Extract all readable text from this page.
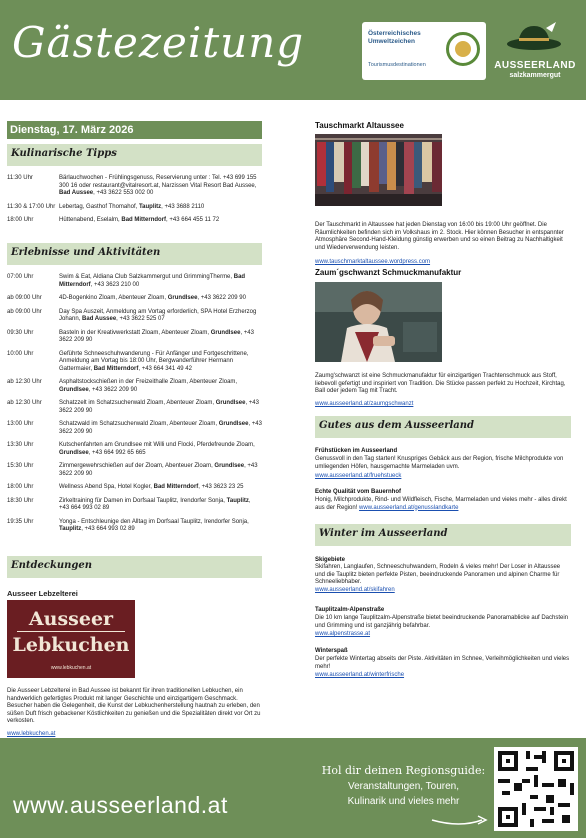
Gästezeitung	Österreichisches Umweltzeichen
Tourismusdestinationen	AUSSEERLAND
salzkammergut
Dienstag, 17. März 2026
Kulinarische Tipps
11:30 Uhr	Bärlauchwochen - Frühlingsgenuss, Reservierung unter : Tel. +43 699 155 300 16 oder restaurant@vitalresort.at, Narzissen Vital Resort Bad Aussee, Bad Aussee, +43 3622 553 002 00
11:30 & 17:00 Uhr Lebertag, Gasthof Thomahof, Tauplitz, +43 3688 2110
18:00 Uhr	Hüttenabend, Eselalm, Bad Mitterndorf, +43 664 455 11 72
Erlebnisse und Aktivitäten
07:00 Uhr	Swim & Eat, Aldiana Club Salzkammergut und GrimmingTherme, Bad Mitterndorf, +43 3623 210 00
ab 09:00 Uhr	4D-Bogenkino Zloam, Abenteuer Zloam, Grundlsee, +43 3622 209 90
ab 09:00 Uhr	Day Spa Auszeit, Anmeldung am Vortag erforderlich, SPA Hotel Erzherzog Johann, Bad Aussee, +43 3622 525 07
09:30 Uhr	Basteln in der Kreativwerkstatt Zloam, Abenteuer Zloam, Grundlsee, +43 3622 209 90
10:00 Uhr	Geführte Schneeschuhwanderung - Für Anfänger und Fortgeschrittene, Anmeldung am Vortag bis 18:00 Uhr, Bergwanderführer Hermann Gattermaier, Bad Mitterndorf, +43 664 341 49 42
ab 12:30 Uhr	Asphaltstockschießen in der Freizeithalle Zloam, Abenteuer Zloam, Grundlsee, +43 3622 209 90
ab 12:30 Uhr	Schatzzelt im Schatzsucherwald Zloam, Abenteuer Zloam, Grundlsee, +43 3622 209 90
13:00 Uhr	Schatzwald im Schatzsucherwald Zloam, Abenteuer Zloam, Grundlsee, +43 3622 209 90
13:30 Uhr	Kutschenfahrten am Grundlsee mit Willi und Flocki, Pferdefreunde Zloam, Grundlsee, +43 664 992 65 665
15:30 Uhr	Zimmergewehrschießen auf der Zloam, Abenteuer Zloam, Grundlsee, +43 3622 209 90
18:00 Uhr	Wellness Abend Spa, Hotel Kogler, Bad Mitterndorf, +43 3623 23 25
18:30 Uhr	Zirkeltraining für Damen im Dorfsaal Tauplitz, Irendorfer Sonja, Tauplitz, +43 664 993 02 89
19:35 Uhr	Yonga - Entschleunige den Alltag im Dorfsaal Tauplitz, Irendorfer Sonja, Tauplitz, +43 664 993 02 89
Entdeckungen
Ausseer Lebzelterei
Ausseer
Lebkuchen
www.lebkuchen.at
Die Ausseer Lebzelterei in Bad Aussee ist bekannt für ihren traditionellen Lebkuchen, ein handwerklich gefertigtes Produkt mit langer Geschichte und einzigartigem Geschmack. Besucher haben die Gelegenheit, die Kunst der Lebkuchenherstellung hautnah zu erleben, den süßen Duft frisch gebackener Köstlichkeiten zu genießen und die Spezialitäten direkt vor Ort zu verkosten.
www.lebkuchen.at
Tauschmarkt Altaussee
Der Tauschmarkt in Altaussee hat jeden Dienstag von 16:00 bis 19:00 Uhr geöffnet. Die Räumlichkeiten befinden sich im Volkshaus im 2. Stock. Hier können Besucher in entspannter Atmosphäre Second-Hand-Kleidung günstig erwerben und so einen Beitrag zu Nachhaltigkeit und Wiederverwendung leisten.
www.tauschmarktaltaussee.wordpress.com
Zaum´gschwanzt Schmuckmanufaktur
Zaumg'schwanzt ist eine Schmuckmanufaktur für einzigartigen Trachtenschmuck aus Stoff, liebevoll gefertigt und inspiriert von Tradition. Die Stücke passen perfekt zu Hochzeit, Kirchtag, Ball oder jedem Tag mit Tracht.
www.ausseerland.at/zaumgschwanzt
Gutes aus dem Ausseerland
Frühstücken im Ausseerland
Genussvoll in den Tag starten! Knuspriges Gebäck aus der Region, frische Milchprodukte von umliegenden Höfen, hausgemachte Marmeladen uvm.
www.ausseerland.at/fruehstueck
Echte Qualität vom Bauernhof
Honig, Milchprodukte, Rind- und Wildfleisch, Fische, Marmeladen und vieles mehr - alles direkt aus der Region! www.ausseerland.at/genusslandkarte
Winter im Ausseerland
Skigebiete
Skifahren, Langlaufen, Schneeschuhwandern, Rodeln & vieles mehr! Der Loser in Altaussee und die Tauplitz bieten perfekte Pisten, beeindruckende Panoramen und alpinen Charme für Schneeliebhaber.
www.ausseerland.at/skifahren
Tauplitzalm-Alpenstraße
Die 10 km lange Tauplitzalm-Alpenstraße bietet beeindruckende Panoramablicke auf Dachstein und Grimming und ist ganzjährig befahrbar.
www.alpenstrasse.at
Winterspaß
Der perfekte Wintertag abseits der Piste. Aktivitäten im Schnee, Verleihmöglichkeiten und vieles mehr!
www.ausseerland.at/winterfrische
www.ausseerland.at
Hol dir deinen Regionsguide:
Veranstaltungen, Touren,
Kulinarik und vieles mehr
